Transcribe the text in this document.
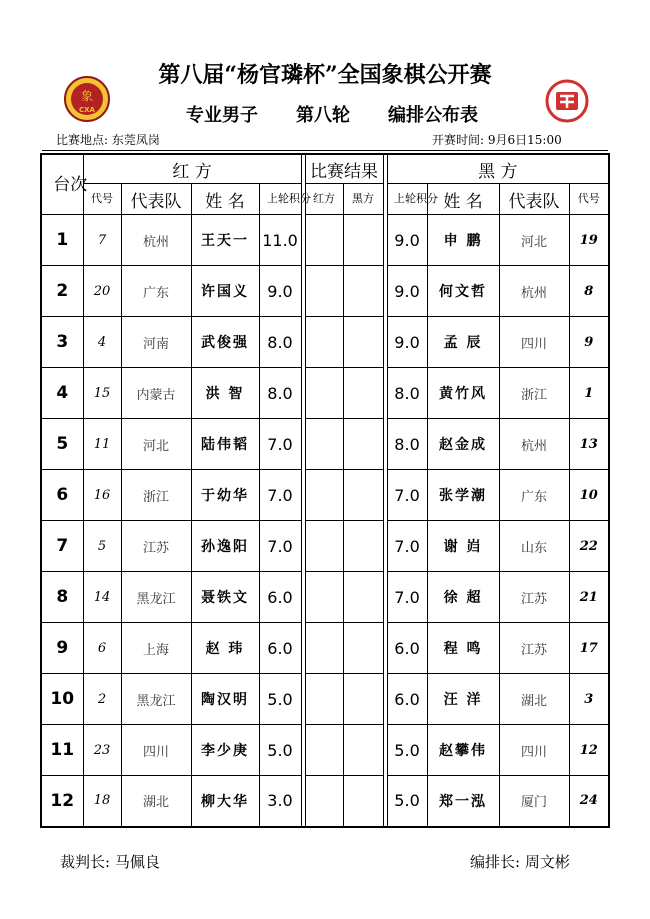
象
CXA
第八届“杨官璘杯”全国象棋公开赛
专业男子 第八轮 编排公布表
比赛地点: 东莞凤岗	开赛时间: 9月6日15:00
台次	红 方					比赛结果			黑 方			
	代号	代表队	姓 名	上轮积分		红方	黑方		上轮积分	姓 名	代表队	代号
1	7	杭州	王天一	11.0					9.0	申 鹏	河北	19
2	20	广东	许国义	9.0					9.0	何文哲	杭州	8
3	4	河南	武俊强	8.0					9.0	孟 辰	四川	9
4	15	内蒙古	洪 智	8.0					8.0	黄竹风	浙江	1
5	11	河北	陆伟韬	7.0					8.0	赵金成	杭州	13
6	16	浙江	于幼华	7.0					7.0	张学潮	广东	10
7	5	江苏	孙逸阳	7.0					7.0	谢 岿	山东	22
8	14	黑龙江	聂铁文	6.0					7.0	徐 超	江苏	21
9	6	上海	赵 玮	6.0					6.0	程 鸣	江苏	17
10	2	黑龙江	陶汉明	5.0					6.0	汪 洋	湖北	3
11	23	四川	李少庚	5.0					5.0	赵攀伟	四川	12
12	18	湖北	柳大华	3.0					5.0	郑一泓	厦门	24
裁判长: 马佩良	编排长: 周文彬
